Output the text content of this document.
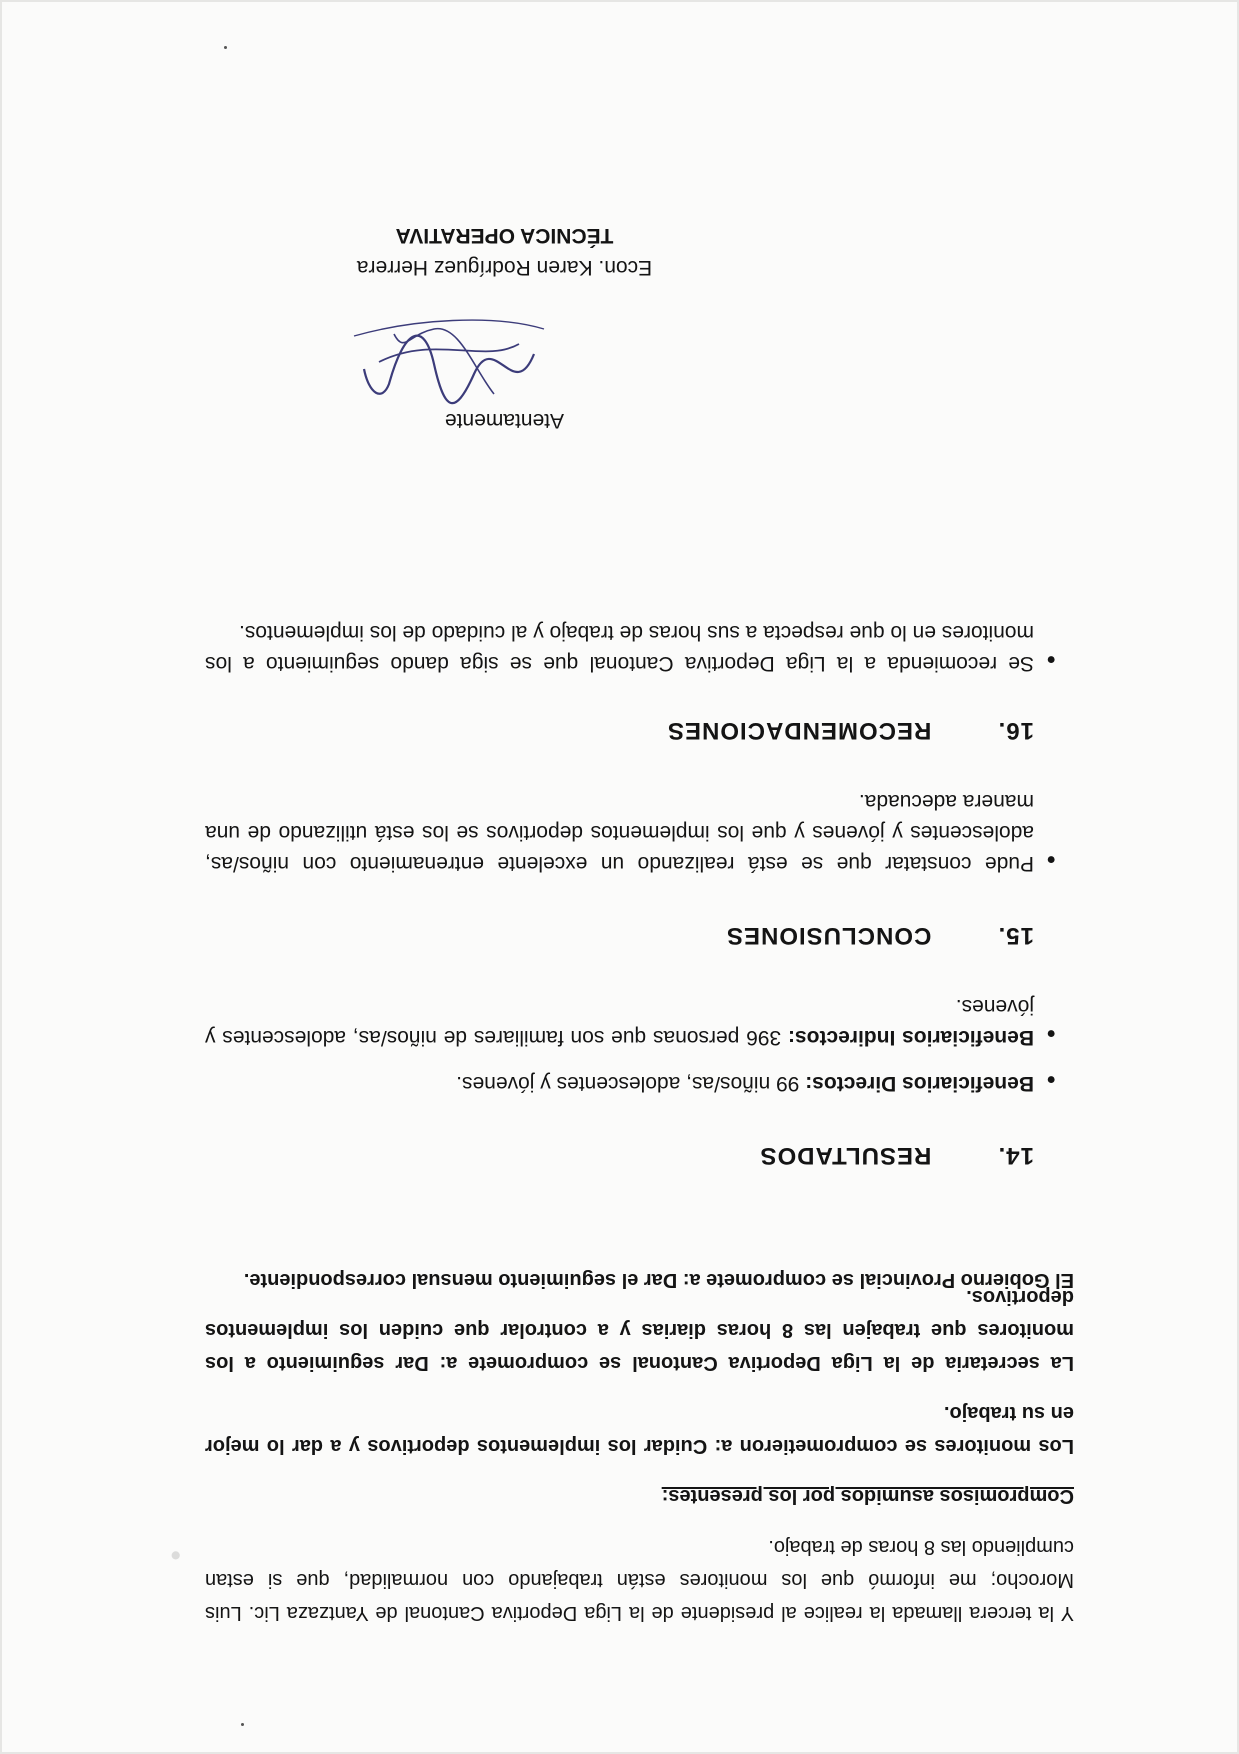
●
Y la tercera llamada la realice al presidente de la Liga Deportiva Cantonal de Yantzaza Lic. Luis Morocho; me informó que los monitores están trabajando con normalidad, que si estan cumpliendo las 8 horas de trabajo.
Compromisos asumidos por los presentes:
Los monitores se comprometieron a: Cuidar los implementos deportivos y a dar lo mejor en su trabajo.
La secretaria de la Liga Deportiva Cantonal se compromete a: Dar seguimiento a los monitores que trabajen las 8 horas diarias y a controlar que cuiden los implementos deportivos.
El Gobierno Provincial se compromete a: Dar el seguimiento mensual correspondiente.
14. RESULTADOS
●
Beneficiarios Directos: 99 niños/as, adolescentes y jóvenes.
●
Beneficiarios Indirectos: 396 personas que son familiares de niños/as, adolescentes y jóvenes.
15. CONCLUSIONES
●
Pude constatar que se está realizando un excelente entrenamiento con niños/as, adolescentes y jóvenes y que los implementos deportivos se los está utilizando de una manera adecuada.
16. RECOMENDACIONES
●
Se recomienda a la Liga Deportiva Cantonal que se siga dando seguimiento a los monitores en lo que respecta a sus horas de trabajo y al cuidado de los implementos.
Atentamente
Econ. Karen Rodríguez Herrera
TÉCNICA OPERATIVA
